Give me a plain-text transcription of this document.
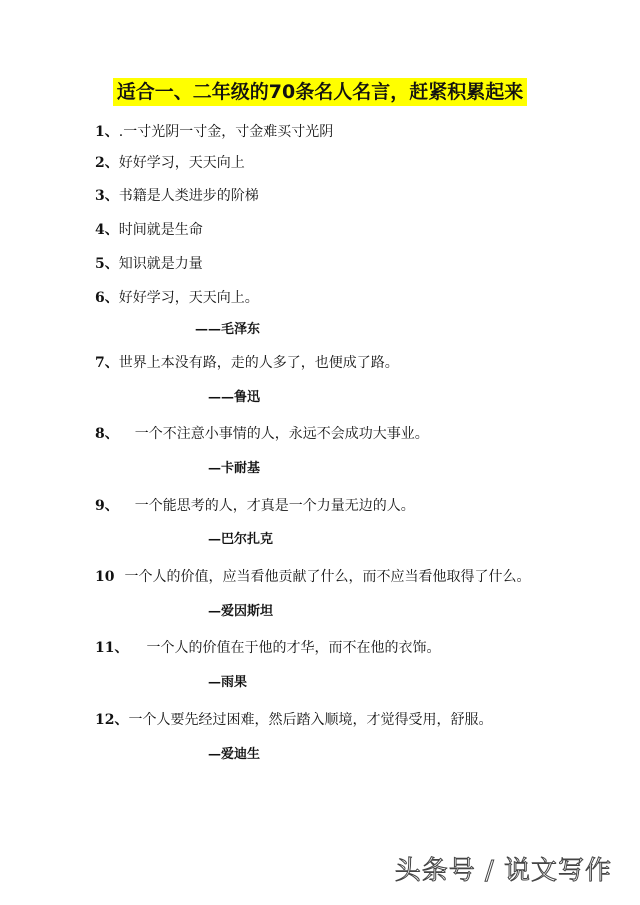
适合一、二年级的70条名人名言，赶紧积累起来
1、.一寸光阴一寸金，寸金难买寸光阴
2、好好学习，天天向上
3、书籍是人类进步的阶梯
4、时间就是生命
5、知识就是力量
6、好好学习，天天向上。
——毛泽东
7、世界上本没有路，走的人多了，也便成了路。
——鲁迅
8、 一个不注意小事情的人，永远不会成功大事业。
—卡耐基
9、 一个能思考的人，才真是一个力量无边的人。
—巴尔扎克
10 一个人的价值，应当看他贡献了什么，而不应当看他取得了什么。
—爱因斯坦
11、 一个人的价值在于他的才华，而不在他的衣饰。
—雨果
12、一个人要先经过困难，然后踏入顺境，才觉得受用，舒服。
—爱迪生
头条号 / 说文写作
